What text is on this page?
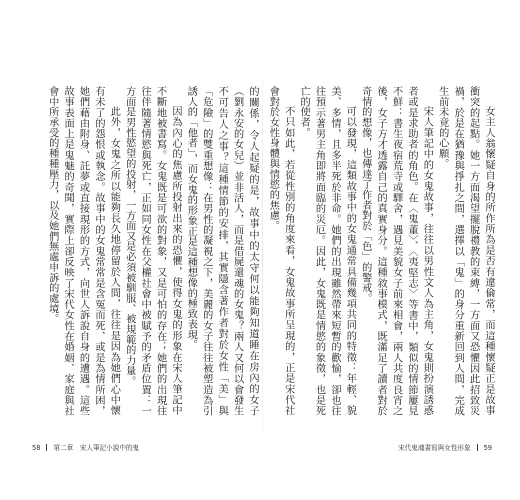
的關係，令人起疑的是，故事中的太守何以能夠知道睡在房內的女子（劉永安的女兒）並非活人，而是借屍還魂的女鬼？兩人又何以會發生不可告人之事？這種情節的安排，其實隱含著作者對於女性「美」與「危險」的雙重想像：在男性的凝視之下，美麗的女子往往被塑造為引誘人的「他者」，而女鬼的形象正是這種想像的極致表現。

因為內心的焦慮所投射出來的恐懼，使得女鬼的形象在宋人筆記中不斷地被書寫。女鬼既是可欲的對象，又是可怕的存在；她們的出現往往伴隨著情慾與死亡，正如同女性在父權社會中被賦予的矛盾位置：一方面是男性慾望的投射，一方面又是必須被馴服、被規範的力量。

此外，女鬼之所以能夠長久地停留於人間，往往是因為她們心中懷有未了的怨恨或執念。故事中的女鬼常常是含冤而死、或是為情所困，她們藉由附身、託夢或直接現形的方式，向世人訴說自身的遭遇。這些故事表面上是鬼魅的奇聞，實際上卻反映了宋代女性在婚姻、家庭與社會中所承受的種種壓力，以及她們無處申訴的處境。	女主人翁懷疑自身的所作所為是否有違倫常，而這種懷疑正是故事衝突的起點。她一方面渴望擺脫禮教的束縛，一方面又恐懼因此招致災禍，於是在猶豫與掙扎之間，選擇以「鬼」的身分重新回到人間，完成生前未竟的心願。

宋人筆記中的女鬼故事，往往以男性文人為主角，女鬼則扮演誘惑者或是求助者的角色。在〈鬼董〉、〈夷堅志〉等書中，類似的情節屢見不鮮：書生夜宿荒寺或驛舍，遇見美貌女子前來相會，兩人共度良宵之後，女子方才透露自己的真實身分。這種敘事模式，既滿足了讀者對於奇情的想像，也傳達了作者對於「色」的警戒。

可以發現，這類故事中的女鬼通常具備幾項共同的特徵：年輕、貌美、多情，且多半死於非命。她們的出現雖然帶來短暫的歡愉，卻也往往預示著男主角即將面臨的災厄。因此，女鬼既是情慾的象徵，也是死亡的使者。

不只如此，若從性別的角度來看，女鬼故事所呈現的，正是宋代社會對於女性身體與情慾的焦慮。

58 第二章　宋人筆記小說中的鬼	宋代鬼魂書寫與女性形象 59
